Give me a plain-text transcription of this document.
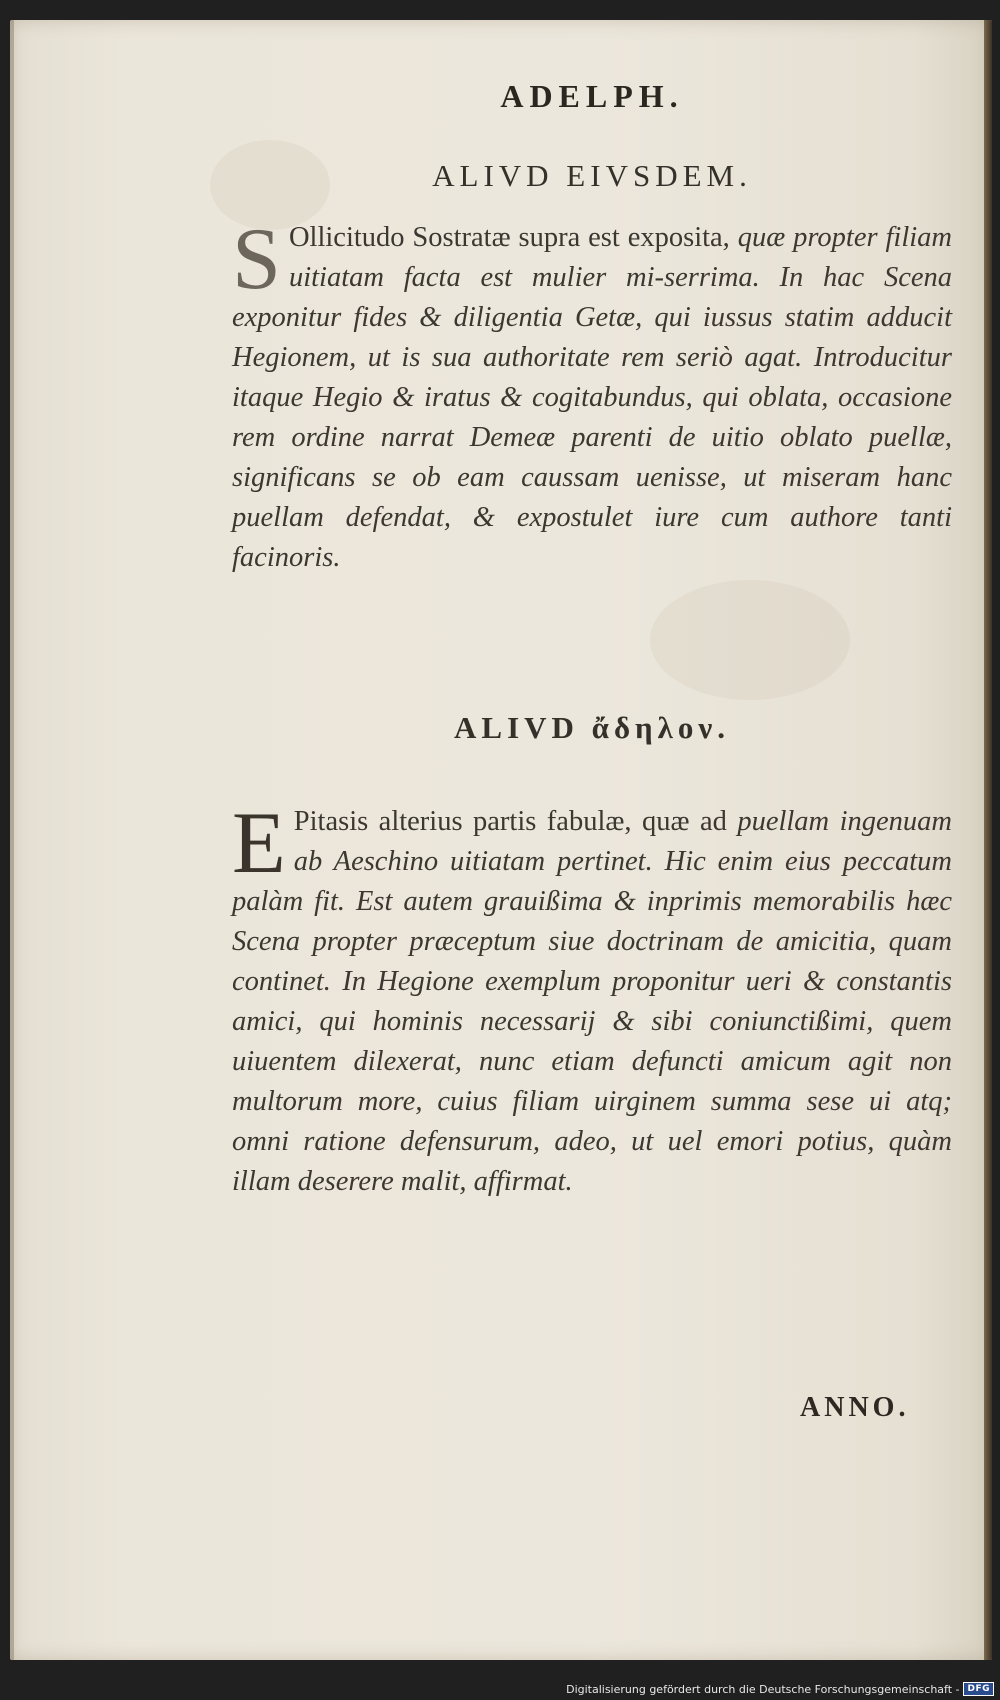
ADELPH.
ALIVD EIVSDEM.
S Ollicitudo Sostratæ supra est exposita, quæ propter filiam uitiatam facta est mulier mi-serrima. In hac Scena exponitur fides & diligentia Getæ, qui iussus statim adducit Hegionem, ut is sua authoritate rem seriò agat. Introducitur itaque Hegio & iratus & cogitabundus, qui oblata, occasione rem ordine narrat Demeæ parenti de uitio oblato puellæ, significans se ob eam caussam uenisse, ut miseram hanc puellam defendat, & expostulet iure cum authore tanti facinoris.
ALIVD ἄδηλον.
E Pitasis alterius partis fabulæ, quæ ad puellam ingenuam ab Aeschino uitiatam pertinet. Hic enim eius peccatum palàm fit. Est autem grauißima & inprimis memorabilis hæc Scena propter præceptum siue doctrinam de amicitia, quam continet. In Hegione exemplum proponitur ueri & constantis amici, qui hominis necessarij & sibi coniunctißimi, quem uiuentem dilexerat, nunc etiam defuncti amicum agit non multorum more, cuius filiam uirginem summa sese ui atq; omni ratione defensurum, adeo, ut uel emori potius, quàm illam deserere malit, affirmat.
ANNO.
Digitalisierung gefördert durch die Deutsche Forschungsgemeinschaft - DFG
